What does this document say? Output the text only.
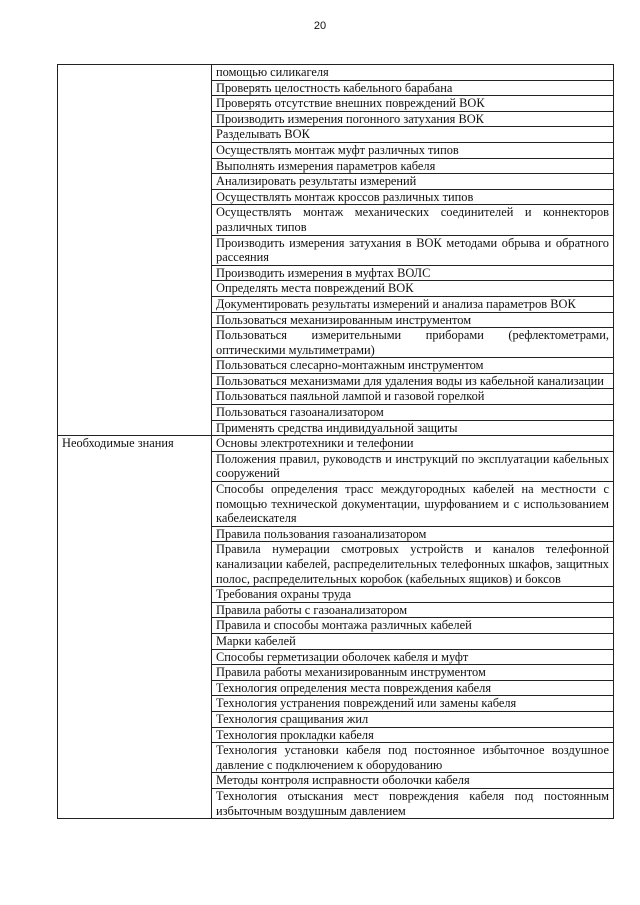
20
	помощью силикагеля
	Проверять целостность кабельного барабана
	Проверять отсутствие внешних повреждений ВОК
	Производить измерения погонного затухания ВОК
	Разделывать ВОК
	Осуществлять монтаж муфт различных типов
	Выполнять измерения параметров кабеля
	Анализировать результаты измерений
	Осуществлять монтаж кроссов различных типов
	Осуществлять монтаж механических соединителей и коннекторов различных типов
	Производить измерения затухания в ВОК методами обрыва и обратного рассеяния
	Производить измерения в муфтах ВОЛС
	Определять места повреждений ВОК
	Документировать результаты измерений и анализа параметров ВОК
	Пользоваться механизированным инструментом
	Пользоваться измерительными приборами (рефлектометрами, оптическими мультиметрами)
	Пользоваться слесарно-монтажным инструментом
	Пользоваться механизмами для удаления воды из кабельной канализации
	Пользоваться паяльной лампой и газовой горелкой
	Пользоваться газоанализатором
	Применять средства индивидуальной защиты
Необходимые знания	Основы электротехники и телефонии
	Положения правил, руководств и инструкций по эксплуатации кабельных сооружений
	Способы определения трасс междугородных кабелей на местности с помощью технической документации, шурфованием и с использованием кабелеискателя
	Правила пользования газоанализатором
	Правила нумерации смотровых устройств и каналов телефонной канализации кабелей, распределительных телефонных шкафов, защитных полос, распределительных коробок (кабельных ящиков) и боксов
	Требования охраны труда
	Правила работы с газоанализатором
	Правила и способы монтажа различных кабелей
	Марки кабелей
	Способы герметизации оболочек кабеля и муфт
	Правила работы механизированным инструментом
	Технология определения места повреждения кабеля
	Технология устранения повреждений или замены кабеля
	Технология сращивания жил
	Технология прокладки кабеля
	Технология установки кабеля под постоянное избыточное воздушное давление с подключением к оборудованию
	Методы контроля исправности оболочки кабеля
	Технология отыскания мест повреждения кабеля под постоянным избыточным воздушным давлением
